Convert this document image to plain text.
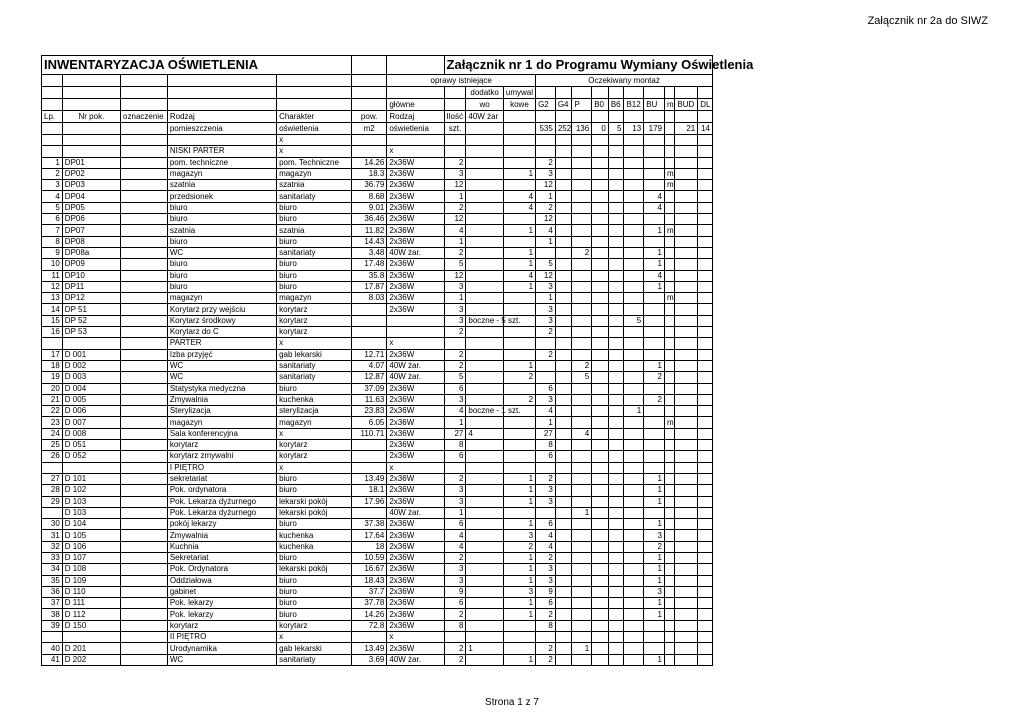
Załącznik nr 2a do SIWZ
INWENTARYZACJA OŚWIETLENIA							Załącznik nr 1 do Programu Wymiany Oświetlenia												
						oprawy istniejące				Oczekiwany montaż									
								dodatko	umywal										
						główne		wo	kowe	G2	G4	P	B0	B6	B12	BU	m	BUD	DL
Lp.	Nr pok.	oznaczenie	Rodzaj	Charakter	pow.	Rodzaj	Ilość	40W żar											
			pomieszczenia	oświetlenia	m2	oświetlenia	szt.			535	252	136	0	5	13	179		21	14
				x															
			NISKI PARTER	x		x													
1	DP01		pom. techniczne	pom. Techniczne	14.26	2x36W	2			2									
2	DP02		magazyn	magazyn	18.3	2x36W	3		1	3							m		
3	DP03		szatnia	szatnia	36.79	2x36W	12			12							m		
4	DP04		przedsionek	sanitariaty	8.68	2x36W	1		4	1						4			
5	DP05		biuro	biuro	9.01	2x36W	2		4	2						4			
6	DP06		biuro	biuro	36.46	2x36W	12			12									
7	DP07		szatnia	szatnia	11.82	2x36W	4		1	4						1	m		
8	DP08		biuro	biuro	14.43	2x36W	1			1									
9	DP08a		WC	sanitariaty	3.48	40W żar.	2		1			2				1			
10	DP09		biuro	biuro	17.48	2x36W	5		1	5						1			
11	DP10		biuro	biuro	35.8	2x36W	12		4	12						4			
12	DP11		biuro	biuro	17.87	2x36W	3		1	3						1			
13	DP12		magazyn	magazyn	8.03	2x36W	1			1							m		
14	DP 51		Korytarz przy wejściu	korytarz		2x36W	3			3									
15	DP 52		Korytarz środkowy	korytarz			3	boczne - 5 szt.		3					5				
16	DP 53		Korytarz do C	korytarz			2			2									
			PARTER	x		x													
17	D 001		Izba przyjęć	gab lekarski	12.71	2x36W	2			2									
18	D 002		WC	sanitariaty	4.07	40W żar.	2		1			2				1			
19	D 003		WC	sanitariaty	12.87	40W żar.	5		2			5				2			
20	D 004		Statystyka medyczna	biuro	37.09	2x36W	6			6									
21	D 005		Zmywalnia	kuchenka	11.63	2x36W	3		2	3						2			
22	D 006		Sterylizacja	sterylizacja	23.83	2x36W	4	boczne - 1 szt.		4					1				
23	D 007		magazyn	magazyn	6.05	2x36W	1			1							m		
24	D 008		Sala konferencyjna	x	110.71	2x36W	27	4		27		4							
25	D 051		korytarz	korytarz		2x36W	8			8									
26	D 052		korytarz zmywalni	korytarz		2x36W	6			6									
			I PIĘTRO	x		x													
27	D 101		sekretariat	biuro	13.49	2x36W	2		1	2						1			
28	D 102		Pok. ordynatora	biuro	18.1	2x36W	3		1	3						1			
29	D 103		Pok. Lekarza dyżurnego	lekarski pokój	17.96	2x36W	3		1	3						1			
	D 103		Pok. Lekarza dyżurnego	lekarski pokój		40W żar.	1					1							
30	D 104		pokój lekarzy	biuro	37.38	2x36W	6		1	6						1			
31	D 105		Zmywalnia	kuchenka	17.64	2x36W	4		3	4						3			
32	D 106		Kuchnia	kuchenka	18	2x36W	4		2	4						2			
33	D 107		Sekretariat	biuro	10.59	2x36W	2		1	2						1			
34	D 108		Pok. Ordynatora	lekarski pokój	16.67	2x36W	3		1	3						1			
35	D 109		Oddziałowa	biuro	18.43	2x36W	3		1	3						1			
36	D 110		gabinet	biuro	37.7	2x36W	9		3	9						3			
37	D 111		Pok. lekarzy	biuro	37.78	2x36W	6		1	6						1			
38	D 112		Pok. lekarzy	biuro	14.26	2x36W	2		1	2						1			
39	D 150		korytarz	korytarz	72.8	2x36W	8			8									
			II PIĘTRO	x		x													
40	D 201		Urodynamika	gab lekarski	13.49	2x36W	2	1		2		1							
41	D 202		WC	sanitariaty	3.69	40W żar.	2		1	2						1			
Strona 1 z 7
